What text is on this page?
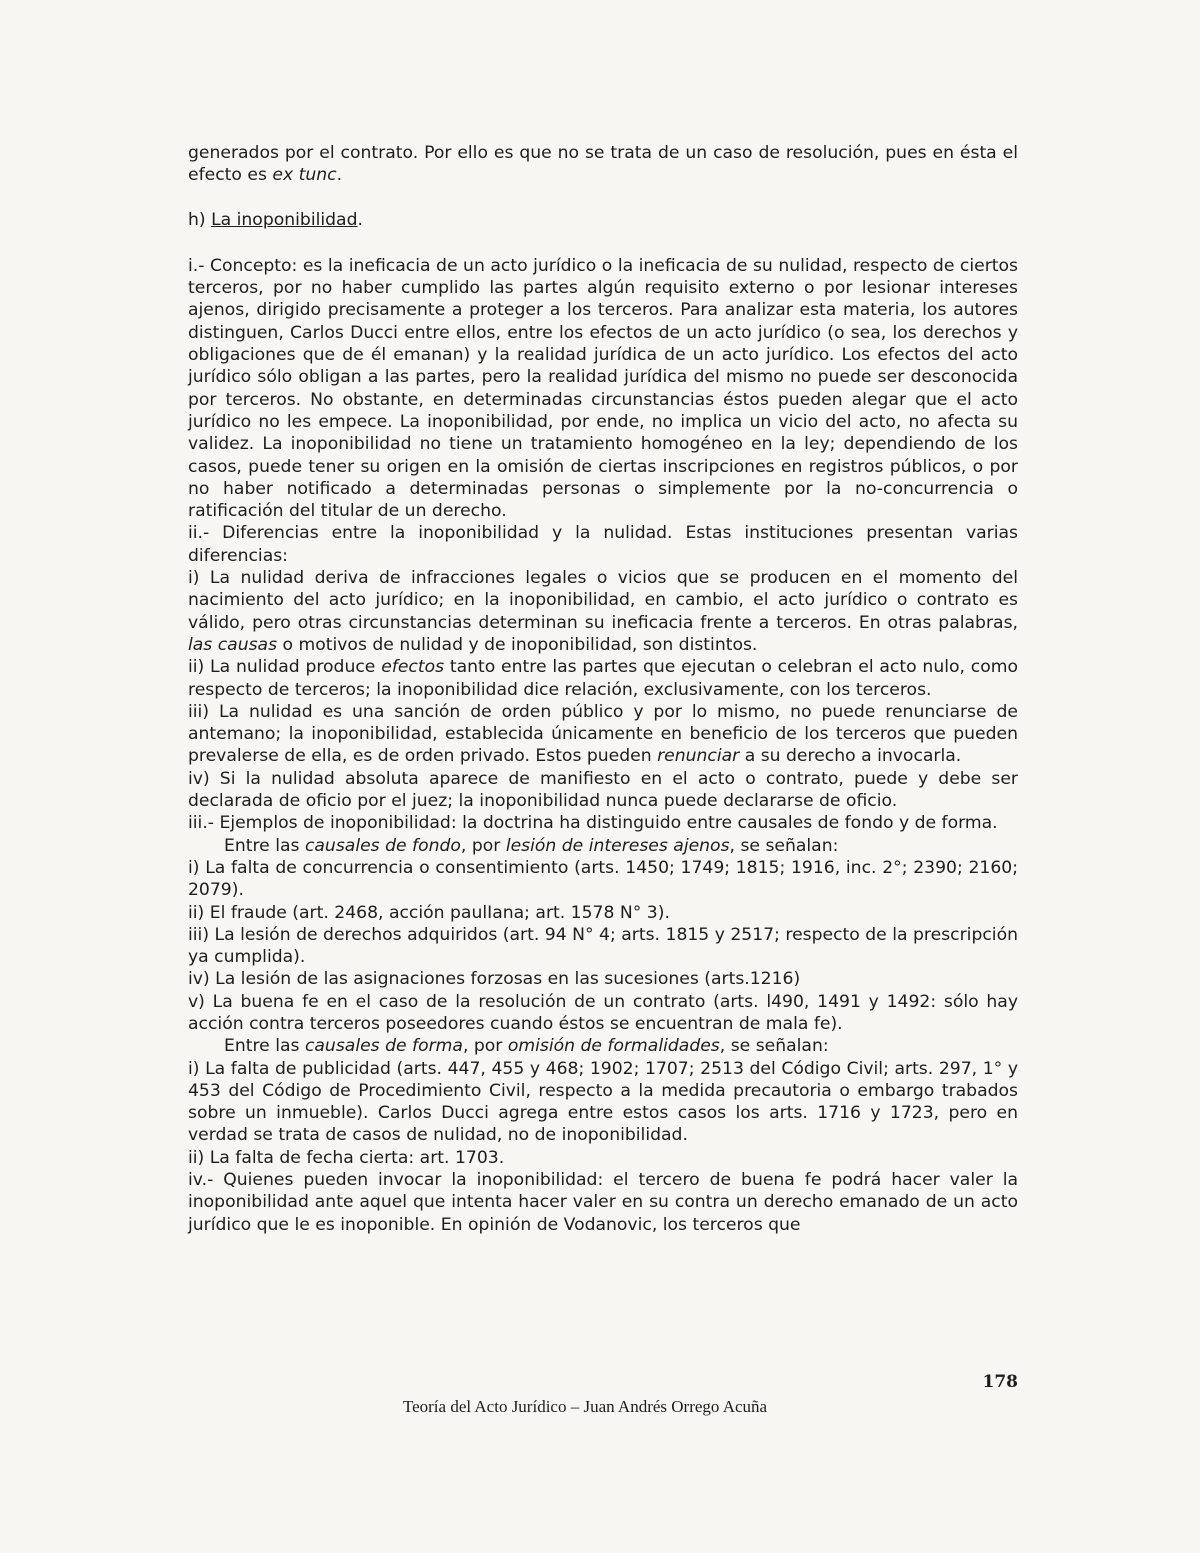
generados por el contrato. Por ello es que no se trata de un caso de resolución, pues en ésta el efecto es ex tunc.

h) La inoponibilidad.

i.- Concepto: es la ineficacia de un acto jurídico o la ineficacia de su nulidad, respecto de ciertos terceros, por no haber cumplido las partes algún requisito externo o por lesionar intereses ajenos, dirigido precisamente a proteger a los terceros. Para analizar esta materia, los autores distinguen, Carlos Ducci entre ellos, entre los efectos de un acto jurídico (o sea, los derechos y obligaciones que de él emanan) y la realidad jurídica de un acto jurídico. Los efectos del acto jurídico sólo obligan a las partes, pero la realidad jurídica del mismo no puede ser desconocida por terceros. No obstante, en determinadas circunstancias éstos pueden alegar que el acto jurídico no les empece. La inoponibilidad, por ende, no implica un vicio del acto, no afecta su validez. La inoponibilidad no tiene un tratamiento homogéneo en la ley; dependiendo de los casos, puede tener su origen en la omisión de ciertas inscripciones en registros públicos, o por no haber notificado a determinadas personas o simplemente por la no-concurrencia o ratificación del titular de un derecho.

ii.- Diferencias entre la inoponibilidad y la nulidad. Estas instituciones presentan varias diferencias:

i) La nulidad deriva de infracciones legales o vicios que se producen en el momento del nacimiento del acto jurídico; en la inoponibilidad, en cambio, el acto jurídico o contrato es válido, pero otras circunstancias determinan su ineficacia frente a terceros. En otras palabras, las causas o motivos de nulidad y de inoponibilidad, son distintos.

ii) La nulidad produce efectos tanto entre las partes que ejecutan o celebran el acto nulo, como respecto de terceros; la inoponibilidad dice relación, exclusivamente, con los terceros.

iii) La nulidad es una sanción de orden público y por lo mismo, no puede renunciarse de antemano; la inoponibilidad, establecida únicamente en beneficio de los terceros que pueden prevalerse de ella, es de orden privado. Estos pueden renunciar a su derecho a invocarla.

iv) Si la nulidad absoluta aparece de manifiesto en el acto o contrato, puede y debe ser declarada de oficio por el juez; la inoponibilidad nunca puede declararse de oficio.

iii.- Ejemplos de inoponibilidad: la doctrina ha distinguido entre causales de fondo y de forma.

Entre las causales de fondo, por lesión de intereses ajenos, se señalan:

i) La falta de concurrencia o consentimiento (arts. 1450; 1749; 1815; 1916, inc. 2°; 2390; 2160; 2079).

ii) El fraude (art. 2468, acción paulIana; art. 1578 N° 3).

iii) La lesión de derechos adquiridos (art. 94 N° 4; arts. 1815 y 2517; respecto de la prescripción ya cumplida).

iv) La lesión de las asignaciones forzosas en las sucesiones (arts.1216)

v) La buena fe en el caso de la resolución de un contrato (arts. l490, 1491 y 1492: sólo hay acción contra terceros poseedores cuando éstos se encuentran de mala fe).

Entre las causales de forma, por omisión de formalidades, se señalan:

i) La falta de publicidad (arts. 447, 455 y 468; 1902; 1707; 2513 del Código Civil; arts. 297, 1° y 453 del Código de Procedimiento Civil, respecto a la medida precautoria o embargo trabados sobre un inmueble). Carlos Ducci agrega entre estos casos los arts. 1716 y 1723, pero en verdad se trata de casos de nulidad, no de inoponibilidad.

ii) La falta de fecha cierta: art. 1703.

iv.- Quienes pueden invocar la inoponibilidad: el tercero de buena fe podrá hacer valer la inoponibilidad ante aquel que intenta hacer valer en su contra un derecho emanado de un acto jurídico que le es inoponible. En opinión de Vodanovic, los terceros que

178
Teoría del Acto Jurídico – Juan Andrés Orrego Acuña
